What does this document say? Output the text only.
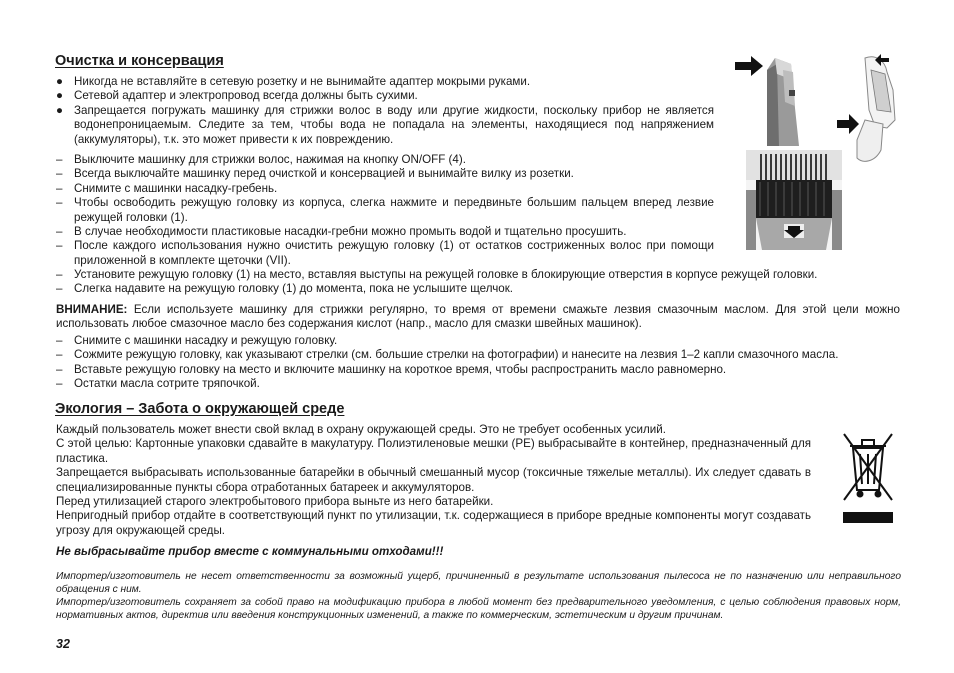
Очистка и консервация
● Никогда не вставляйте в сетевую розетку и не вынимайте адаптер мокрыми руками.
● Сетевой адаптер и электропровод всегда должны быть сухими.
● Запрещается погружать машинку для стрижки волос в воду или другие жидкости, поскольку прибор не является водонепроницаемым. Следите за тем, чтобы вода не попадала на элементы, находящиеся под напряжением (аккумуляторы), т.к. это может привести к их повреждению.
– Выключите машинку для стрижки волос, нажимая на кнопку ON/OFF (4).
– Всегда выключайте машинку перед очисткой и консервацией и вынимайте вилку из розетки.
– Снимите с машинки насадку-гребень.
– Чтобы освободить режущую головку из корпуса, слегка нажмите и передвиньте большим пальцем вперед лезвие режущей головки (1).
– В случае необходимости пластиковые насадки-гребни можно промыть водой и тщательно просушить.
– После каждого использования нужно очистить режущую головку (1) от остатков состриженных волос при помощи приложенной в комплекте щеточки (VII).
– Установите режущую головку (1) на место, вставляя выступы на режущей головке в блокирующие отверстия в корпусе режущей головки.
– Слегка надавите на режущую головку (1) до момента, пока не услышите щелчок.
ВНИМАНИЕ: Если используете машинку для стрижки регулярно, то время от времени смажьте лезвия смазочным маслом. Для этой цели можно использовать любое смазочное масло без содержания кислот (напр., масло для смазки швейных машинок).
– Снимите с машинки насадку и режущую головку.
– Сожмите режущую головку, как указывают стрелки (см. большие стрелки на фотографии) и нанесите на лезвия 1–2 капли смазочного масла.
– Вставьте режущую головку на место и включите машинку на короткое время, чтобы распространить масло равномерно.
– Остатки масла сотрите тряпочкой.
Экология – Забота о окружающей среде
Каждый пользователь может внести свой вклад в охрану окружающей среды. Это не требует особенных усилий.
С этой целью: Картонные упаковки сдавайте в макулатуру. Полиэтиленовые мешки (PE) выбрасывайте в контейнер, предназначенный для пластика.
Запрещается выбрасывать использованные батарейки в обычный смешанный мусор (токсичные тяжелые металлы). Их следует сдавать в специализированные пункты сбора отработанных батареек и аккумуляторов.
Перед утилизацией старого электробытового прибора выньте из него батарейки.
Непригодный прибор отдайте в соответствующий пункт по утилизации, т.к. содержащиеся в приборе вредные компоненты могут создавать угрозу для окружающей среды.
Не выбрасывайте прибор вместе с коммунальными отходами!!!
Импортер/изготовитель не несет ответственности за возможный ущерб, причиненный в результате использования пылесоса не по назначению или неправильного обращения с ним.
Импортер/изготовитель сохраняет за собой право на модификацию прибора в любой момент без предварительного уведомления, с целью соблюдения правовых норм, нормативных актов, директив или введения конструкционных изменений, а также по коммерческим, эстетическим и другим причинам.
32
